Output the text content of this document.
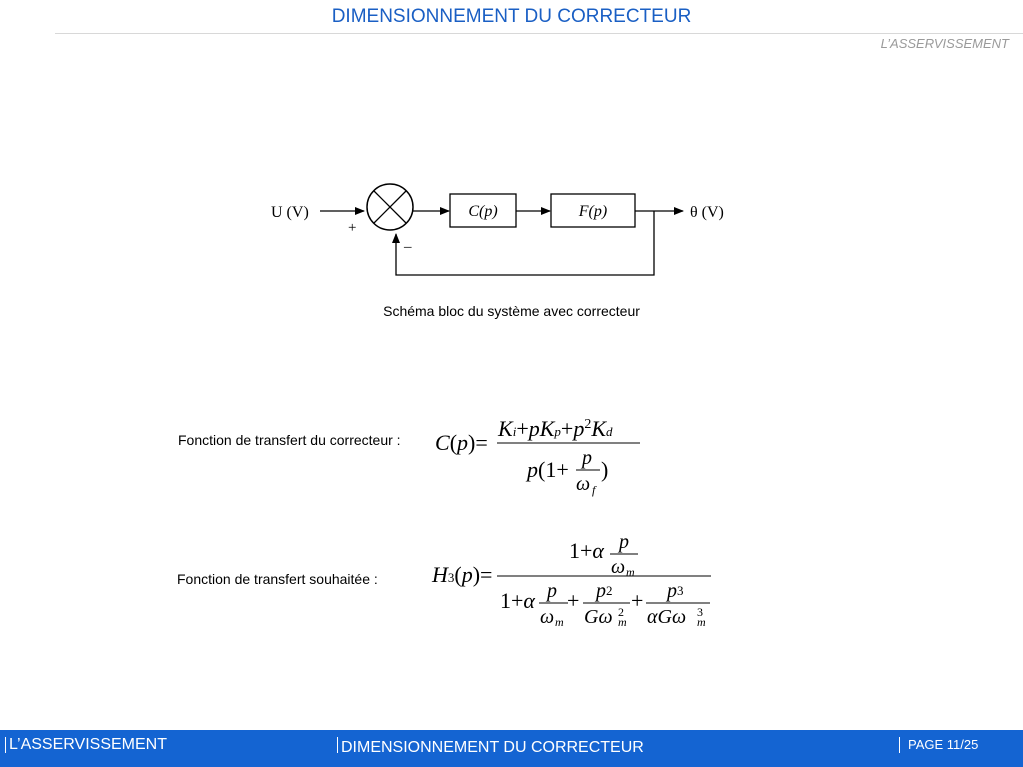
DIMENSIONNEMENT DU CORRECTEUR
L’ASSERVISSEMENT
U (V)
+
–
C(p)	F(p)	θ (V)
Schéma bloc du système avec correcteur
Fonction de transfert du correcteur :
Fonction de transfert souhaitée :
C(p)=
$Ki+pKp+p^2Kd$
p(1+ p
ω f
)
H3(p)=
1+α p
ω m
1+α p
ω m
+ p2
Gω 2
m
+ p3
αGω 3
m
L’ASSERVISSEMENT	DIMENSIONNEMENT DU CORRECTEUR	PAGE 11/25
